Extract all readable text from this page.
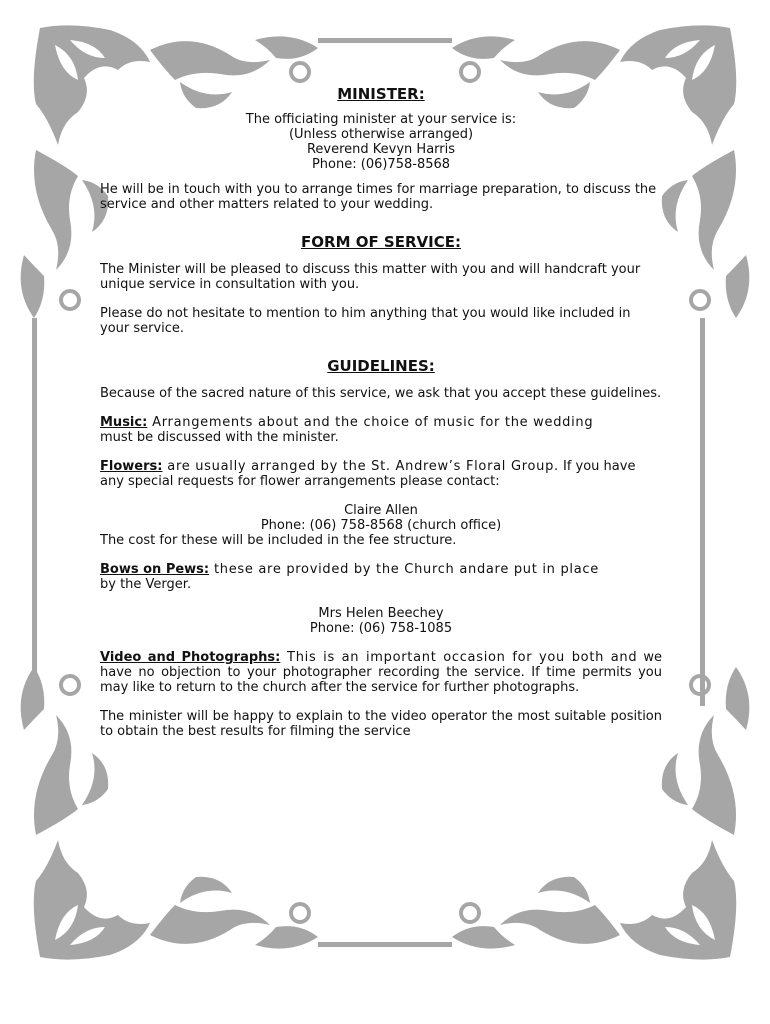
MINISTER:

The officiating minister at your service is:

(Unless otherwise arranged)

Reverend Kevyn Harris

Phone: (06)758-8568

He will be in touch with you to arrange times for marriage preparation, to discuss the service and other matters related to your wedding.

FORM OF SERVICE:

The Minister will be pleased to discuss this matter with you and will handcraft your unique service in consultation with you.

Please do not hesitate to mention to him anything that you would like included in your service.

GUIDELINES:

Because of the sacred nature of this service, we ask that you accept these guidelines.

Music: Arrangements about and the choice of music for the wedding
must be discussed with the minister.

Flowers: are usually arranged by the St. Andrew’s Floral Group. If you have any special requests for flower arrangements please contact:

Claire Allen

Phone: (06) 758-8568 (church office)

The cost for these will be included in the fee structure.

Bows on Pews: these are provided by the Church andare put in place
by the Verger.

Mrs Helen Beechey

Phone: (06) 758-1085

Video and Photographs: This is an important occasion for you both and we have no objection to your photographer recording the service. If time permits you may like to return to the church after the service for further photographs.

The minister will be happy to explain to the video operator the most suitable position to obtain the best results for filming the service
